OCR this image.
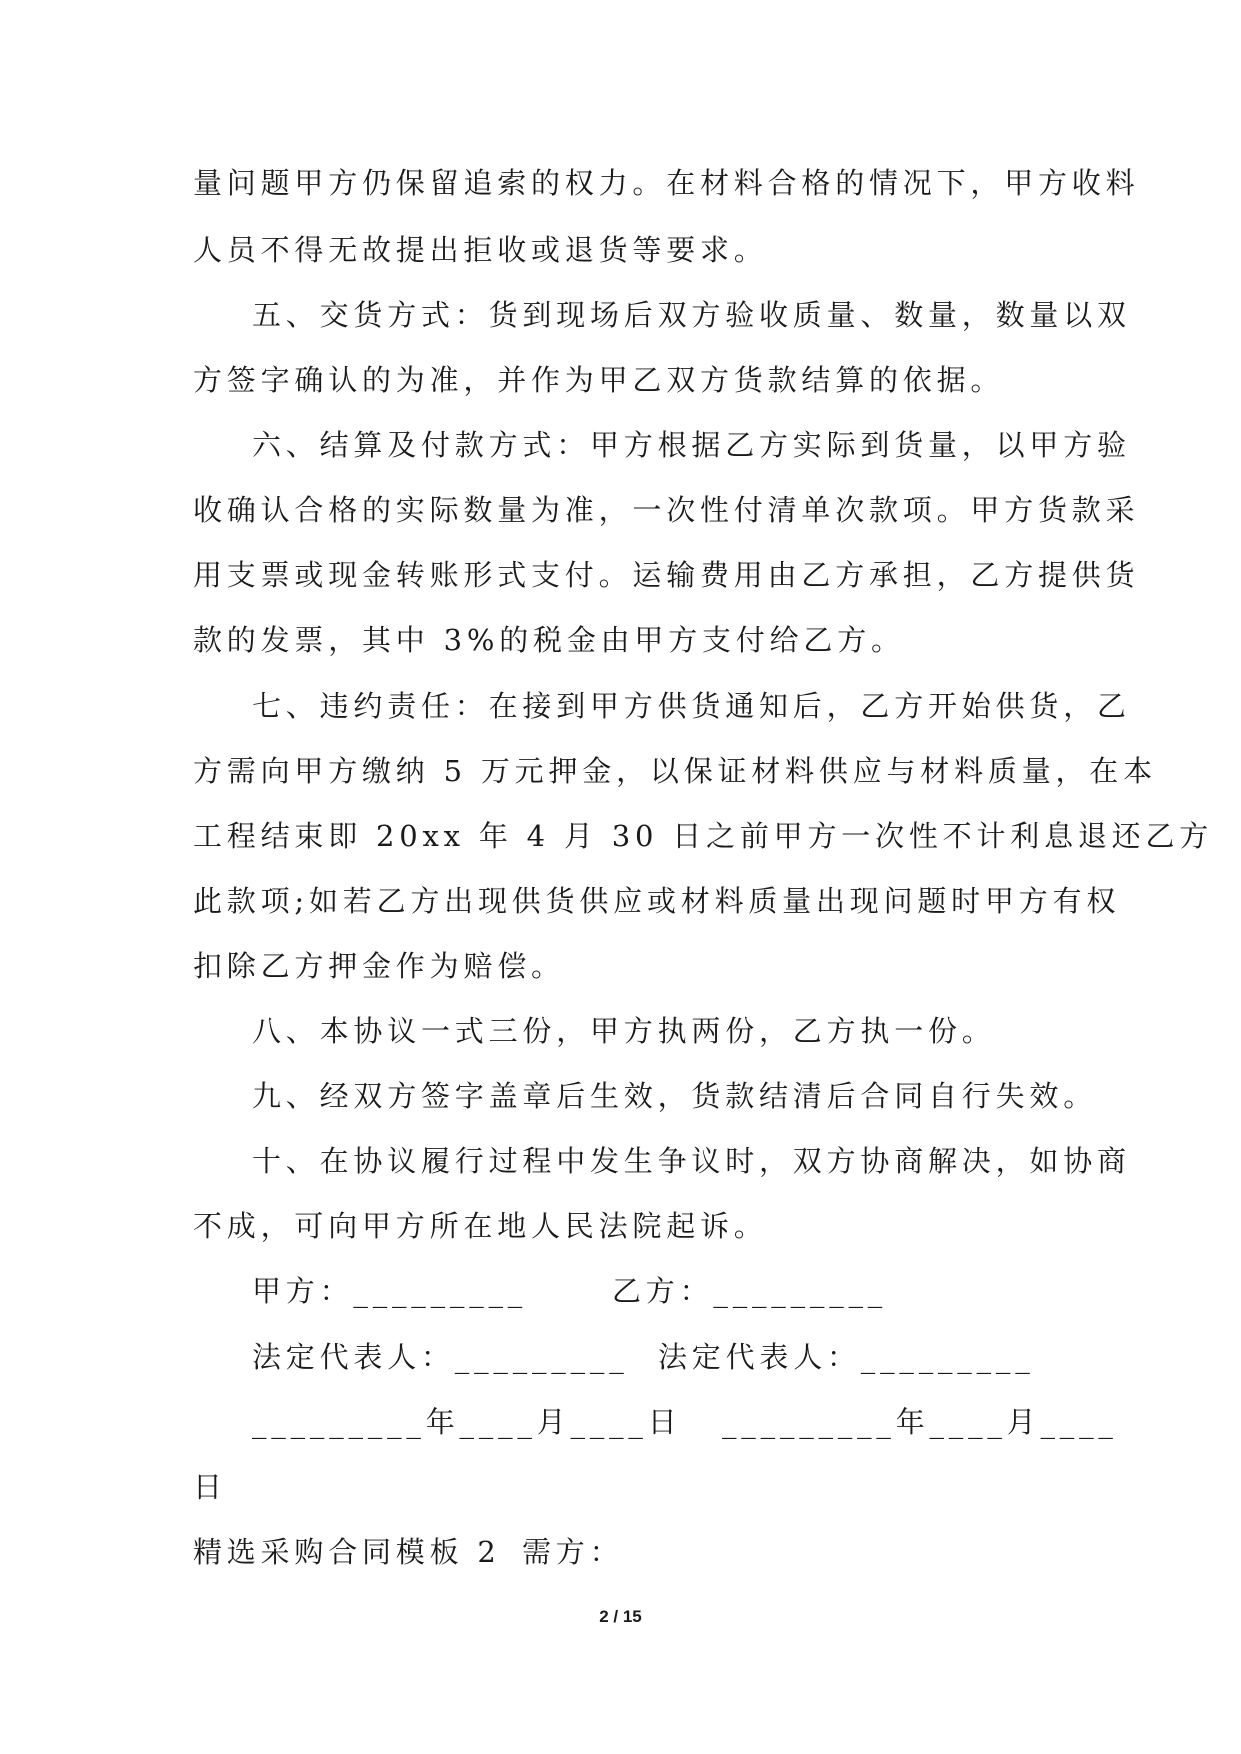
量问题甲方仍保留追索的权力。在材料合格的情况下，甲方收料
人员不得无故提出拒收或退货等要求。
五、交货方式：货到现场后双方验收质量、数量，数量以双
方签字确认的为准，并作为甲乙双方货款结算的依据。
六、结算及付款方式：甲方根据乙方实际到货量，以甲方验
收确认合格的实际数量为准，一次性付清单次款项。甲方货款采
用支票或现金转账形式支付。运输费用由乙方承担，乙方提供货
款的发票，其中 3%的税金由甲方支付给乙方。
七、违约责任：在接到甲方供货通知后，乙方开始供货，乙
方需向甲方缴纳 5 万元押金，以保证材料供应与材料质量，在本
工程结束即 20xx 年 4 月 30 日之前甲方一次性不计利息退还乙方
此款项;如若乙方出现供货供应或材料质量出现问题时甲方有权
扣除乙方押金作为赔偿。
八、本协议一式三份，甲方执两份，乙方执一份。
九、经双方签字盖章后生效，货款结清后合同自行失效。
十、在协议履行过程中发生争议时，双方协商解决，如协商
不成，可向甲方所在地人民法院起诉。
甲方：_________	乙方：_________
法定代表人：_________ 法定代表人：_________
_________年____月____日 _________年____月____
日
精选采购合同模板 2 需方：
2 / 15
